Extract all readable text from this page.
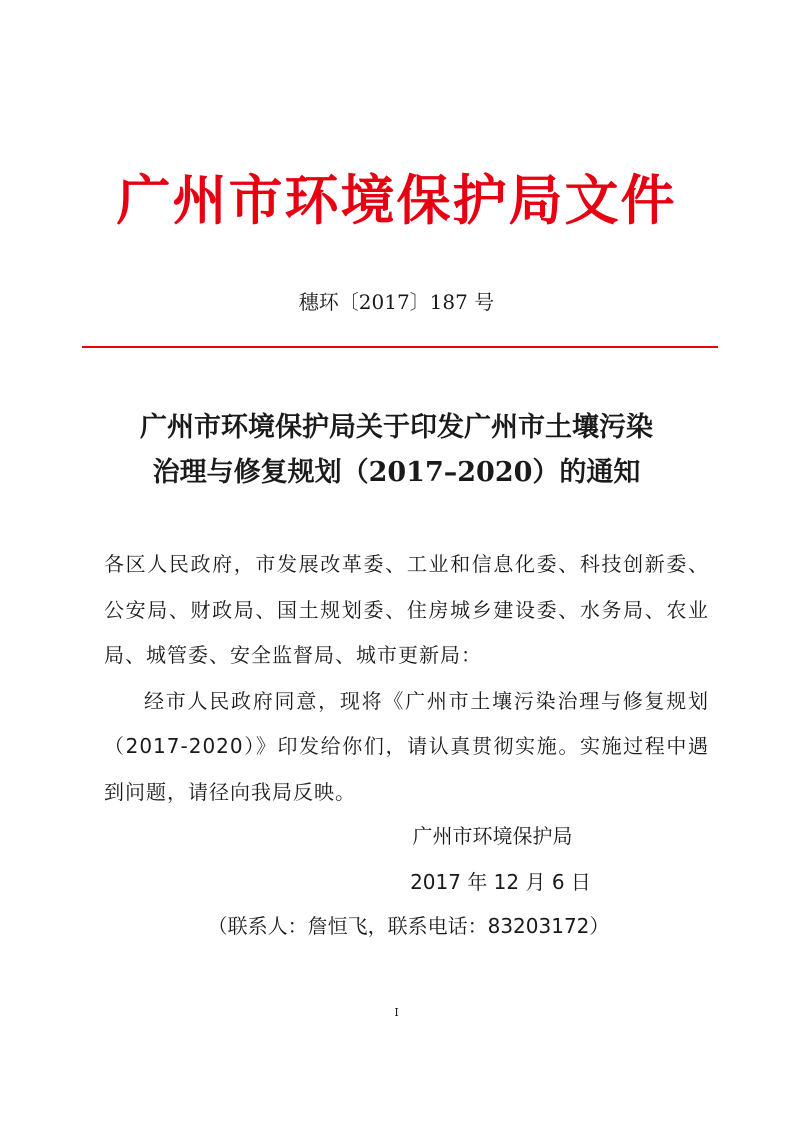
广州市环境保护局文件
穗环〔2017〕187 号
广州市环境保护局关于印发广州市土壤污染
治理与修复规划（2017–2020）的通知

各区人民政府，市发展改革委、工业和信息化委、科技创新委、公安局、财政局、国土规划委、住房城乡建设委、水务局、农业局、城管委、安全监督局、城市更新局：

经市人民政府同意，现将《广州市土壤污染治理与修复规划（2017-2020）》印发给你们，请认真贯彻实施。实施过程中遇到问题，请径向我局反映。

广州市环境保护局
2017 年 12 月 6 日
（联系人：詹恒飞，联系电话：83203172）
I
